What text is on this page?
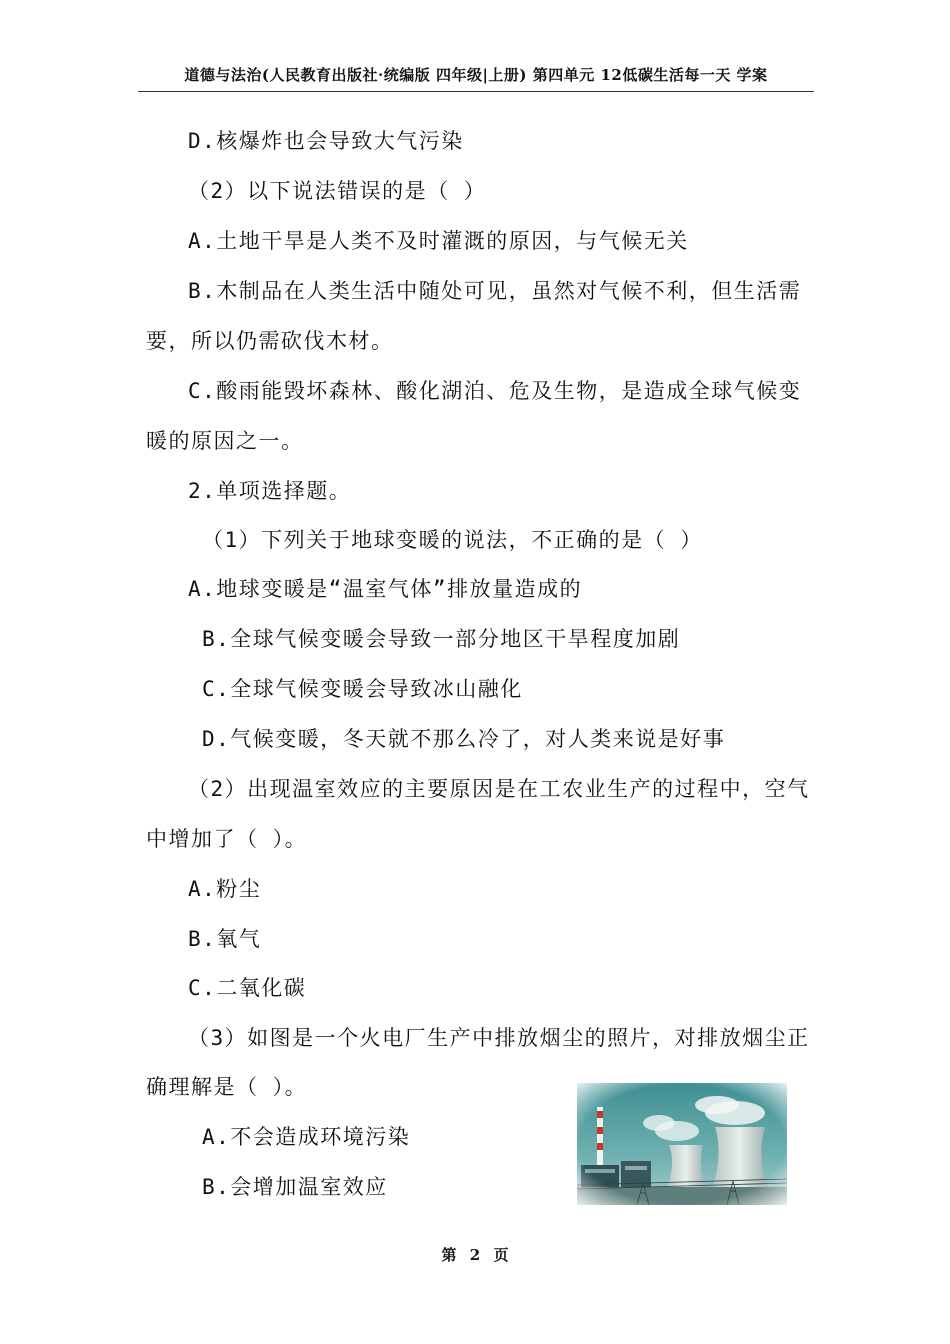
道德与法治(人民教育出版社·统编版 四年级|上册) 第四单元 12低碳生活每一天 学案
D.核爆炸也会导致大气污染
（2）以下说法错误的是（ ）
A.土地干旱是人类不及时灌溉的原因，与气候无关
B.木制品在人类生活中随处可见，虽然对气候不利，但生活需
要，所以仍需砍伐木材。
C.酸雨能毁坏森林、酸化湖泊、危及生物，是造成全球气候变
暖的原因之一。
2.单项选择题。
（1）下列关于地球变暖的说法，不正确的是（ ）
A.地球变暖是“温室气体”排放量造成的
B.全球气候变暖会导致一部分地区干旱程度加剧
C.全球气候变暖会导致冰山融化
D.气候变暖，冬天就不那么冷了，对人类来说是好事
（2）出现温室效应的主要原因是在工农业生产的过程中，空气
中增加了（ ）。
A.粉尘
B.氧气
C.二氧化碳
（3）如图是一个火电厂生产中排放烟尘的照片，对排放烟尘正
确理解是（ ）。
A.不会造成环境污染
B.会增加温室效应
第 2 页
